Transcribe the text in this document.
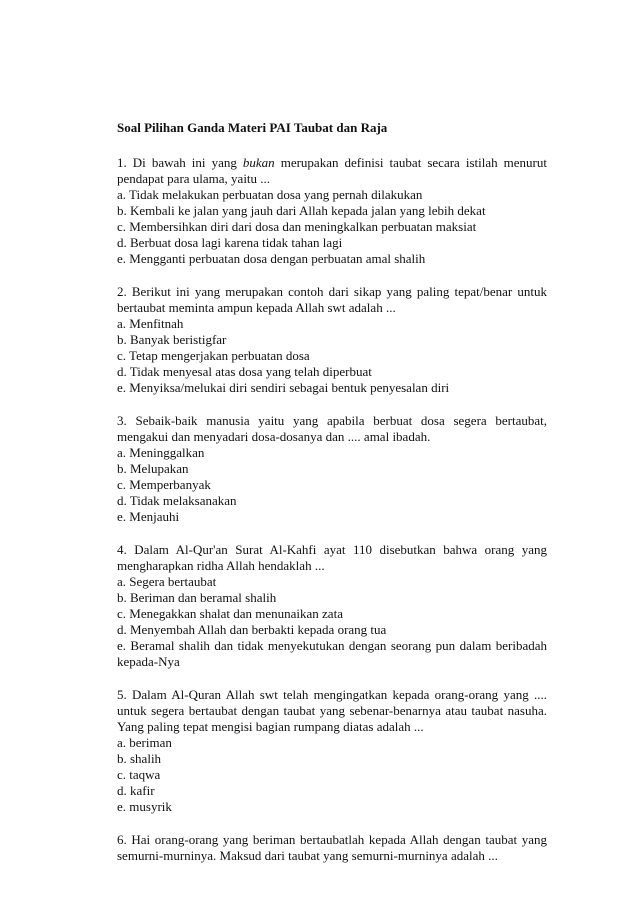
Soal Pilihan Ganda Materi PAI Taubat dan Raja

1. Di bawah ini yang bukan merupakan definisi taubat secara istilah menurut pendapat para ulama, yaitu ...

a. Tidak melakukan perbuatan dosa yang pernah dilakukan
b. Kembali ke jalan yang jauh dari Allah kepada jalan yang lebih dekat
c. Membersihkan diri dari dosa dan meningkalkan perbuatan maksiat
d. Berbuat dosa lagi karena tidak tahan lagi
e. Mengganti perbuatan dosa dengan perbuatan amal shalih

2. Berikut ini yang merupakan contoh dari sikap yang paling tepat/benar untuk bertaubat meminta ampun kepada Allah swt adalah ...

a. Menfitnah
b. Banyak beristigfar
c. Tetap mengerjakan perbuatan dosa
d. Tidak menyesal atas dosa yang telah diperbuat
e. Menyiksa/melukai diri sendiri sebagai bentuk penyesalan diri

3. Sebaik-baik manusia yaitu yang apabila berbuat dosa segera bertaubat, mengakui dan menyadari dosa-dosanya dan .... amal ibadah.

a. Meninggalkan
b. Melupakan
c. Memperbanyak
d. Tidak melaksanakan
e. Menjauhi

4. Dalam Al-Qur'an Surat Al-Kahfi ayat 110 disebutkan bahwa orang yang mengharapkan ridha Allah hendaklah ...

a. Segera bertaubat
b. Beriman dan beramal shalih
c. Menegakkan shalat dan menunaikan zata
d. Menyembah Allah dan berbakti kepada orang tua
e. Beramal shalih dan tidak menyekutukan dengan seorang pun dalam beribadah kepada-Nya

5. Dalam Al-Quran Allah swt telah mengingatkan kepada orang-orang yang .... untuk segera bertaubat dengan taubat yang sebenar-benarnya atau taubat nasuha. Yang paling tepat mengisi bagian rumpang diatas adalah ...

a. beriman
b. shalih
c. taqwa
d. kafir
e. musyrik

6. Hai orang-orang yang beriman bertaubatlah kepada Allah dengan taubat yang semurni-murninya. Maksud dari taubat yang semurni-murninya adalah ...
